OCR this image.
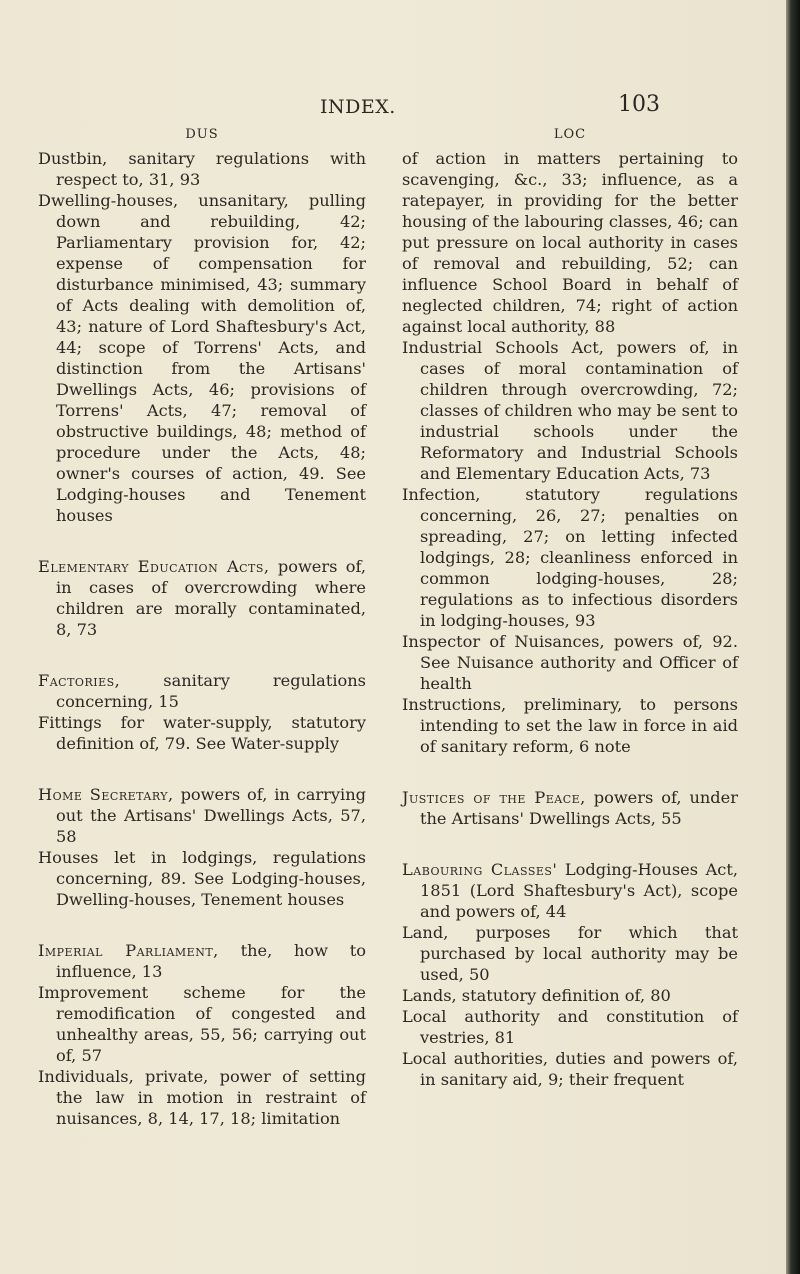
INDEX.	103
DUS

Dustbin, sanitary regulations with respect to, 31, 93

Dwelling-houses, unsanitary, pulling down and rebuilding, 42; Parliamentary provision for, 42; expense of compensation for disturbance minimised, 43; summary of Acts dealing with demolition of, 43; nature of Lord Shaftesbury's Act, 44; scope of Torrens' Acts, and distinction from the Artisans' Dwellings Acts, 46; provisions of Torrens' Acts, 47; removal of obstructive buildings, 48; method of procedure under the Acts, 48; owner's courses of action, 49. See Lodging-houses and Tenement houses

Elementary Education Acts, powers of, in cases of overcrowding where children are morally contaminated, 8, 73

Factories, sanitary regulations concerning, 15

Fittings for water-supply, statutory definition of, 79. See Water-supply

Home Secretary, powers of, in carrying out the Artisans' Dwellings Acts, 57, 58

Houses let in lodgings, regulations concerning, 89. See Lodging-houses, Dwelling-houses, Tenement houses

Imperial Parliament, the, how to influence, 13

Improvement scheme for the remodification of congested and unhealthy areas, 55, 56; carrying out of, 57

Individuals, private, power of setting the law in motion in restraint of nuisances, 8, 14, 17, 18; limitation

LOC

of action in matters pertaining to scavenging, &c., 33; influence, as a ratepayer, in providing for the better housing of the labouring classes, 46; can put pressure on local authority in cases of removal and rebuilding, 52; can influence School Board in behalf of neglected children, 74; right of action against local authority, 88

Industrial Schools Act, powers of, in cases of moral contamination of children through overcrowding, 72; classes of children who may be sent to industrial schools under the Reformatory and Industrial Schools and Elementary Education Acts, 73

Infection, statutory regulations concerning, 26, 27; penalties on spreading, 27; on letting infected lodgings, 28; cleanliness enforced in common lodging-houses, 28; regulations as to infectious disorders in lodging-houses, 93

Inspector of Nuisances, powers of, 92. See Nuisance authority and Officer of health

Instructions, preliminary, to persons intending to set the law in force in aid of sanitary reform, 6 note

Justices of the Peace, powers of, under the Artisans' Dwellings Acts, 55

Labouring Classes' Lodging-Houses Act, 1851 (Lord Shaftesbury's Act), scope and powers of, 44

Land, purposes for which that purchased by local authority may be used, 50

Lands, statutory definition of, 80

Local authority and constitution of vestries, 81

Local authorities, duties and powers of, in sanitary aid, 9; their frequent
